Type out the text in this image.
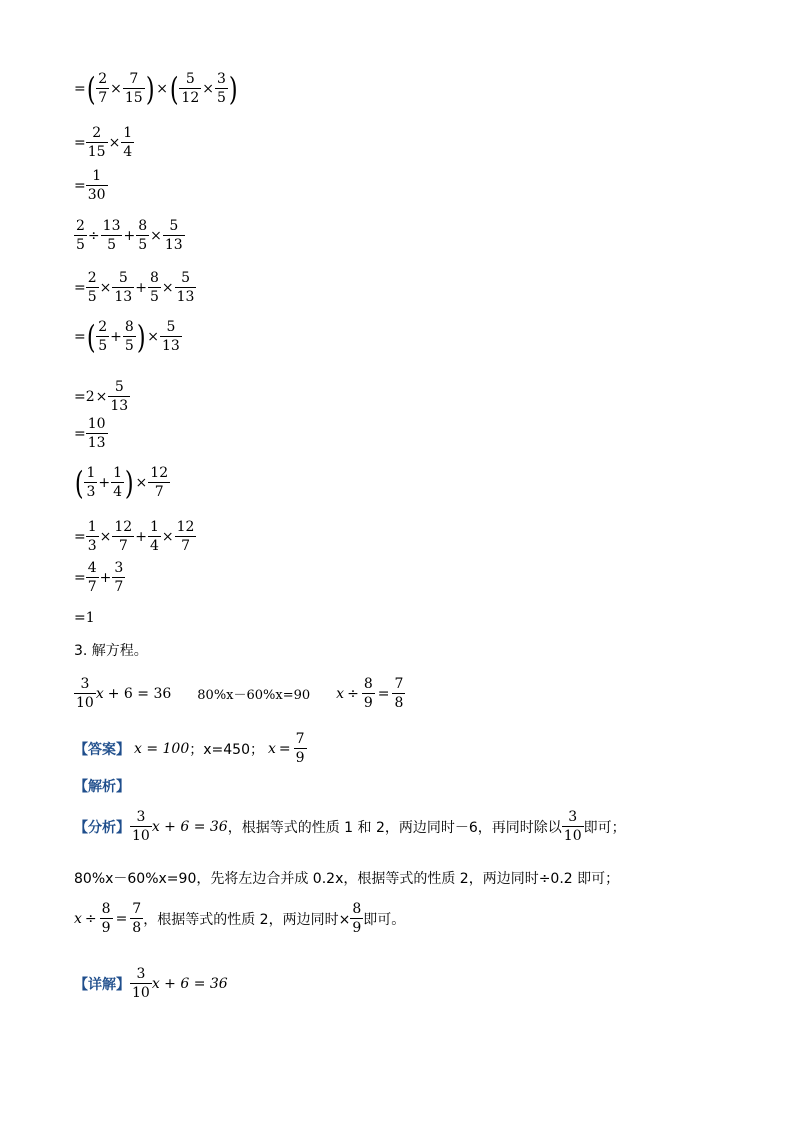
= ( $\frac{2}{7} \times \frac{7}{15}$ ) × ( $\frac{5}{12} \times \frac{3}{5}$ )
= $\frac{2}{15} \times \frac{1}{4}$
= $\frac{1}{30}$
$\frac{2}{5} \div \frac{13}{5} + \frac{8}{5} \times \frac{5}{13}$
= $\frac{2}{5} \times \frac{5}{13} + \frac{8}{5} \times \frac{5}{13}$
= ( $\frac{2}{5} + \frac{8}{5}$ ) × $\frac{5}{13}$
$=2 \times \frac{5}{13}$
= $\frac{10}{13}$
( $\frac{1}{3} + \frac{1}{4}$ ) × $\frac{12}{7}$
= $\frac{1}{3} \times \frac{12}{7} + \frac{1}{4} \times \frac{12}{7}$
= $\frac{4}{7} + \frac{3}{7}$
=1
3. 解方程。
$\frac{3}{10}$ x + 6 = 36 80%x－60%x=90 $x \div \frac{8}{9} = \frac{7}{8}$
【答案】 x = 100 ；x=450； $x = \frac{7}{9}$
【解析】
【分析】 $\frac{3}{10}$ x + 6 = 36 ，根据等式的性质 1 和 2，两边同时－6，再同时除以 $\frac{3}{10}$ 即可；
80%x－60%x=90，先将左边合并成 0.2x，根据等式的性质 2，两边同时÷0.2 即可；
$x \div \frac{8}{9} = \frac{7}{8}$ ，根据等式的性质 2，两边同时× $\frac{8}{9}$ 即可。
【详解】 $\frac{3}{10}$ x + 6 = 36
